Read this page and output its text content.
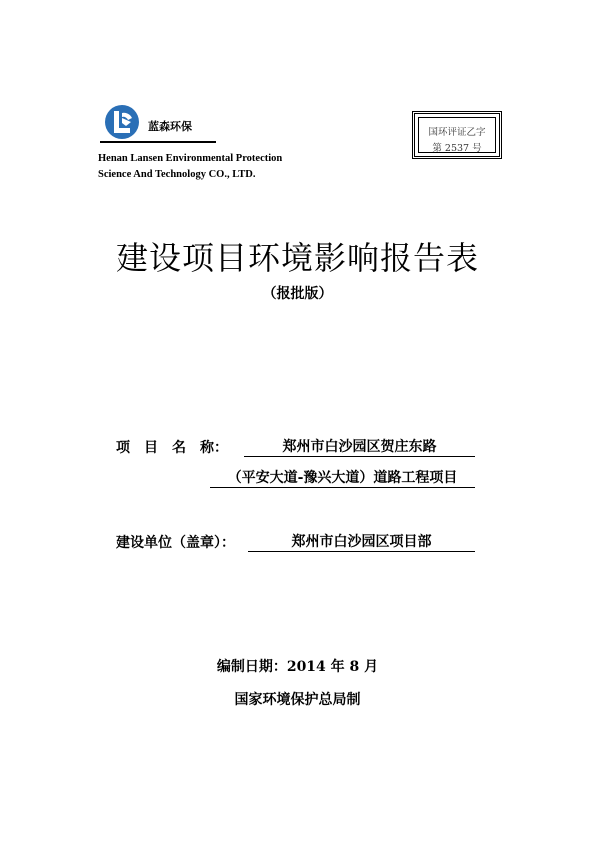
蓝森环保
Henan Lansen Environmental Protection
Science And Technology CO., LTD.
国环评证乙字
第 2537 号
建设项目环境影响报告表
（报批版）
项　目　名　称：	郑州市白沙园区贺庄东路
（平安大道-豫兴大道）道路工程项目
建设单位（盖章）：	郑州市白沙园区项目部
编制日期：2014 年 8 月
国家环境保护总局制
